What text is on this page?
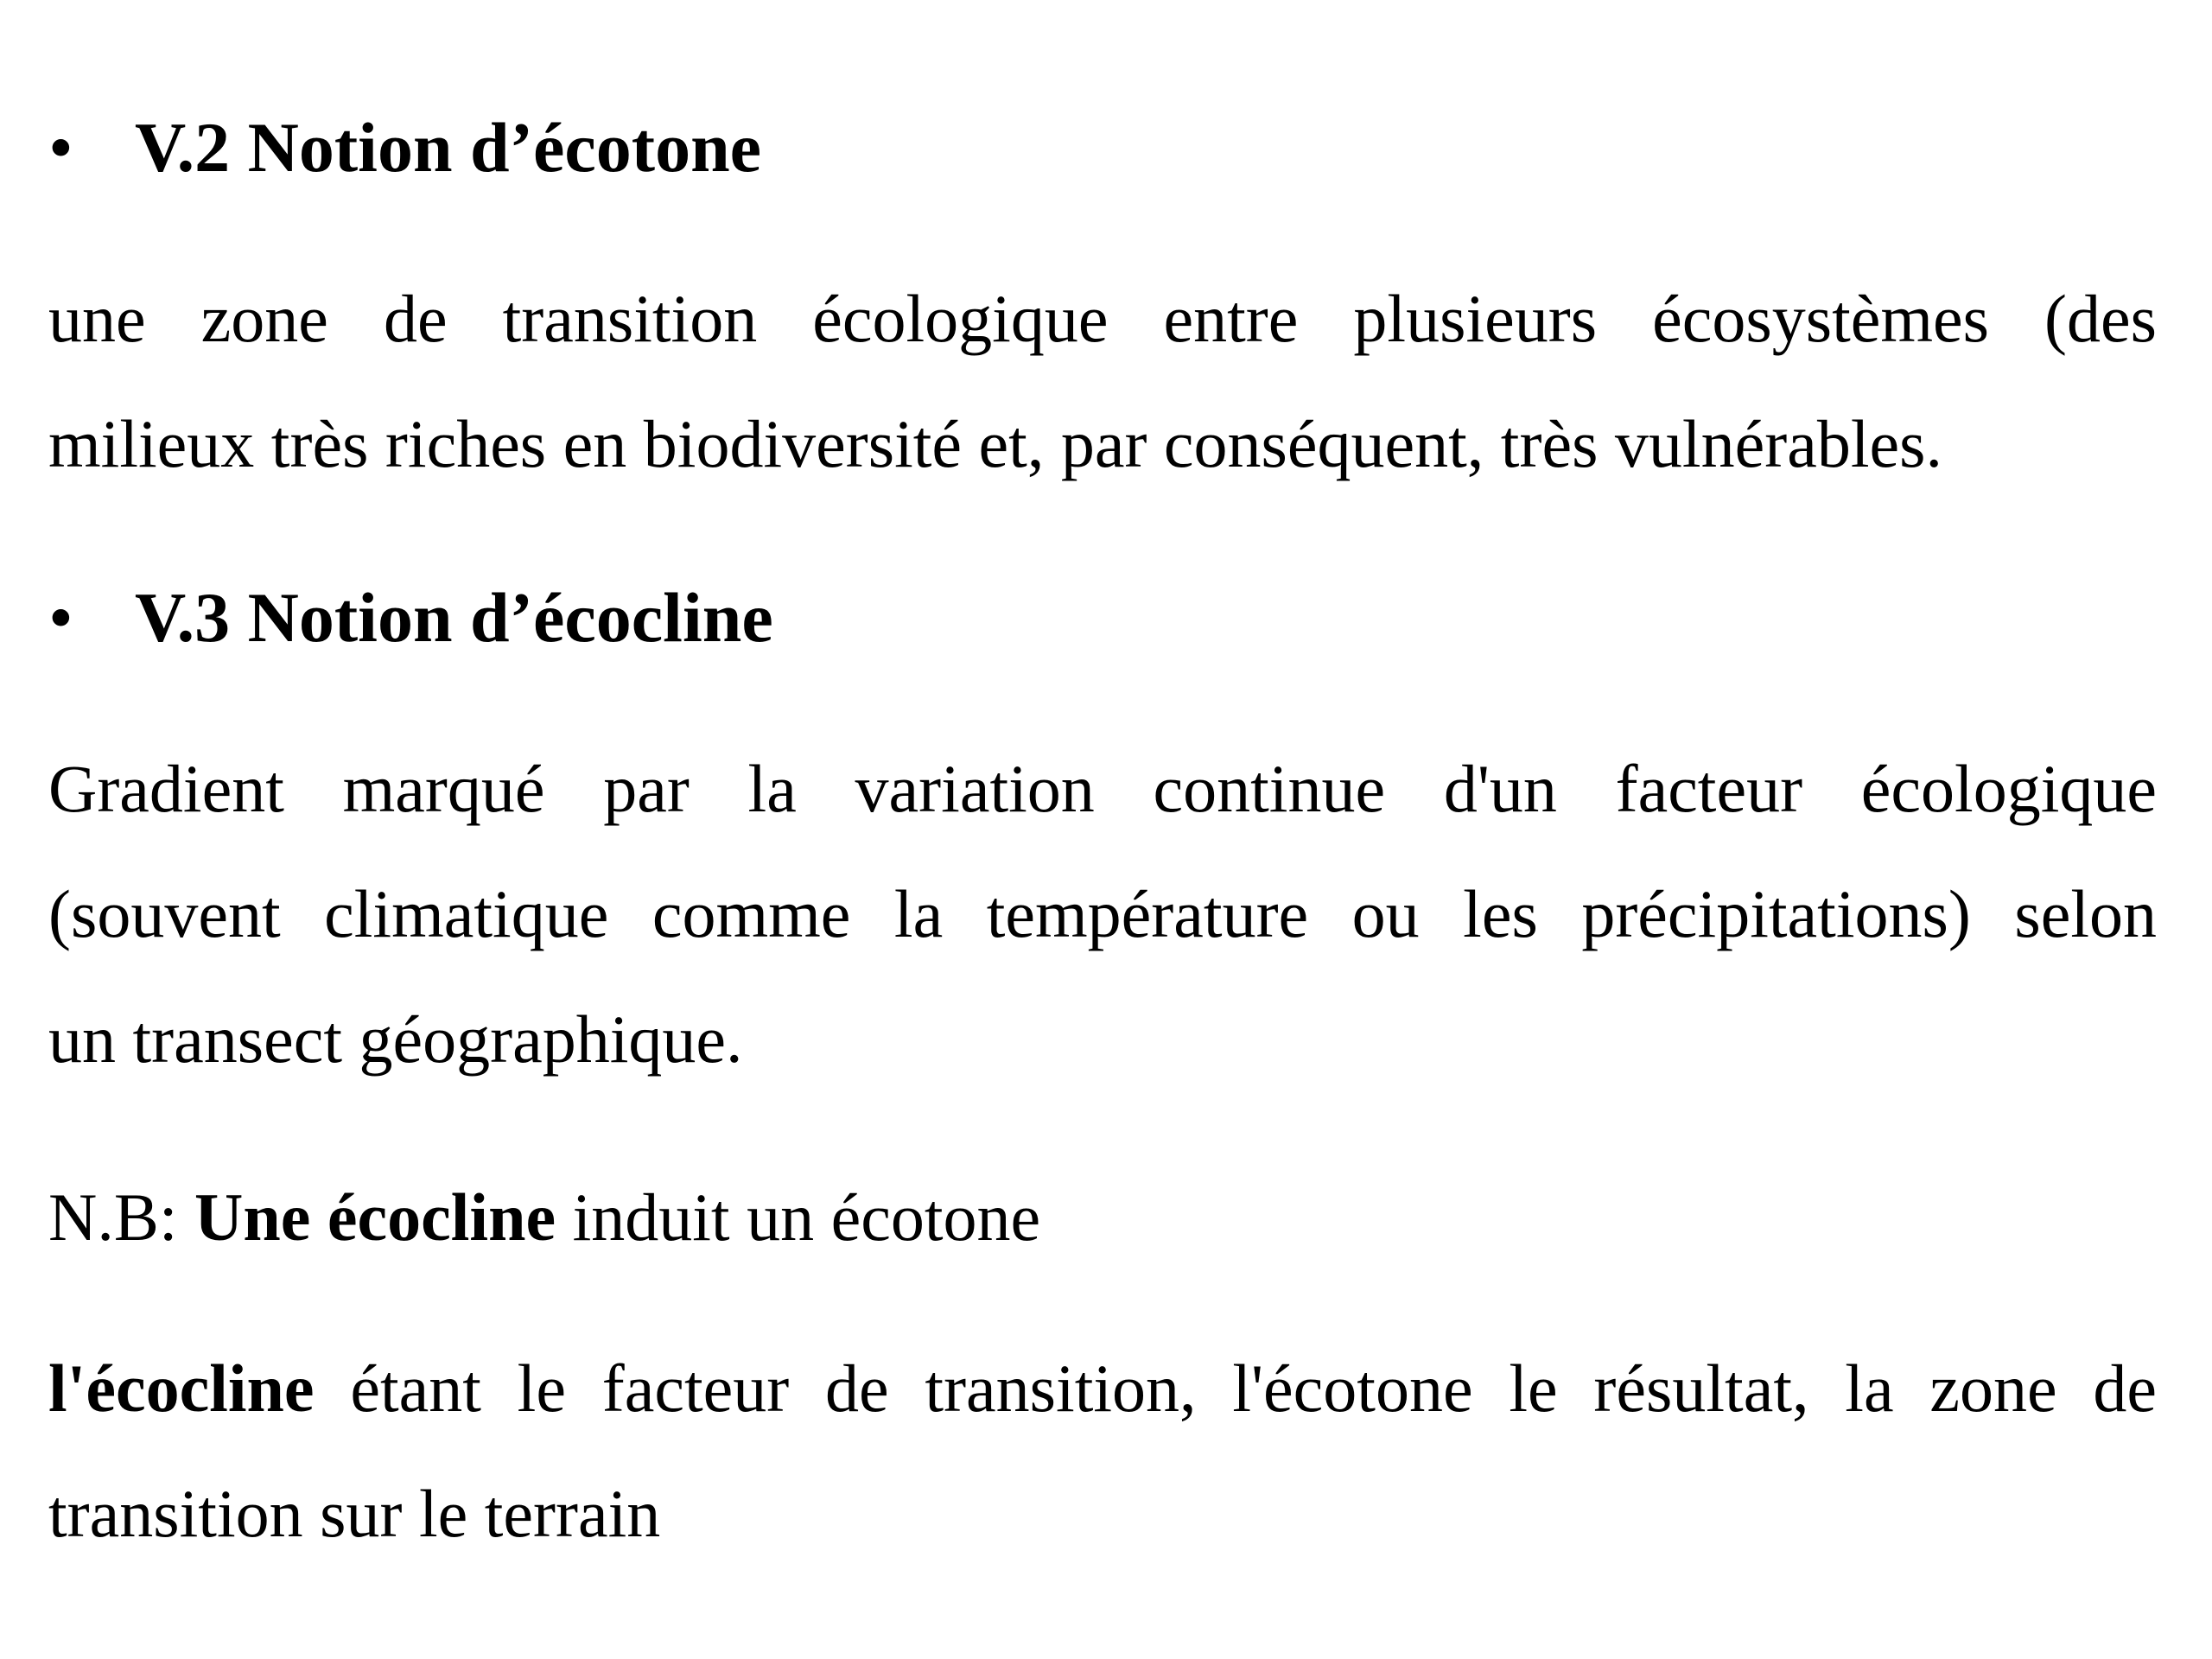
• V.2 Notion d’écotone
une zone de transition écologique entre plusieurs écosystèmes (des
milieux très riches en biodiversité et, par conséquent, très vulnérables.
• V.3 Notion d’écocline
Gradient marqué par la variation continue d'un facteur écologique
(souvent climatique comme la température ou les précipitations) selon
un transect géographique.
N.B: Une écocline induit un écotone
l'écocline étant le facteur de transition, l'écotone le résultat, la zone de
transition sur le terrain
